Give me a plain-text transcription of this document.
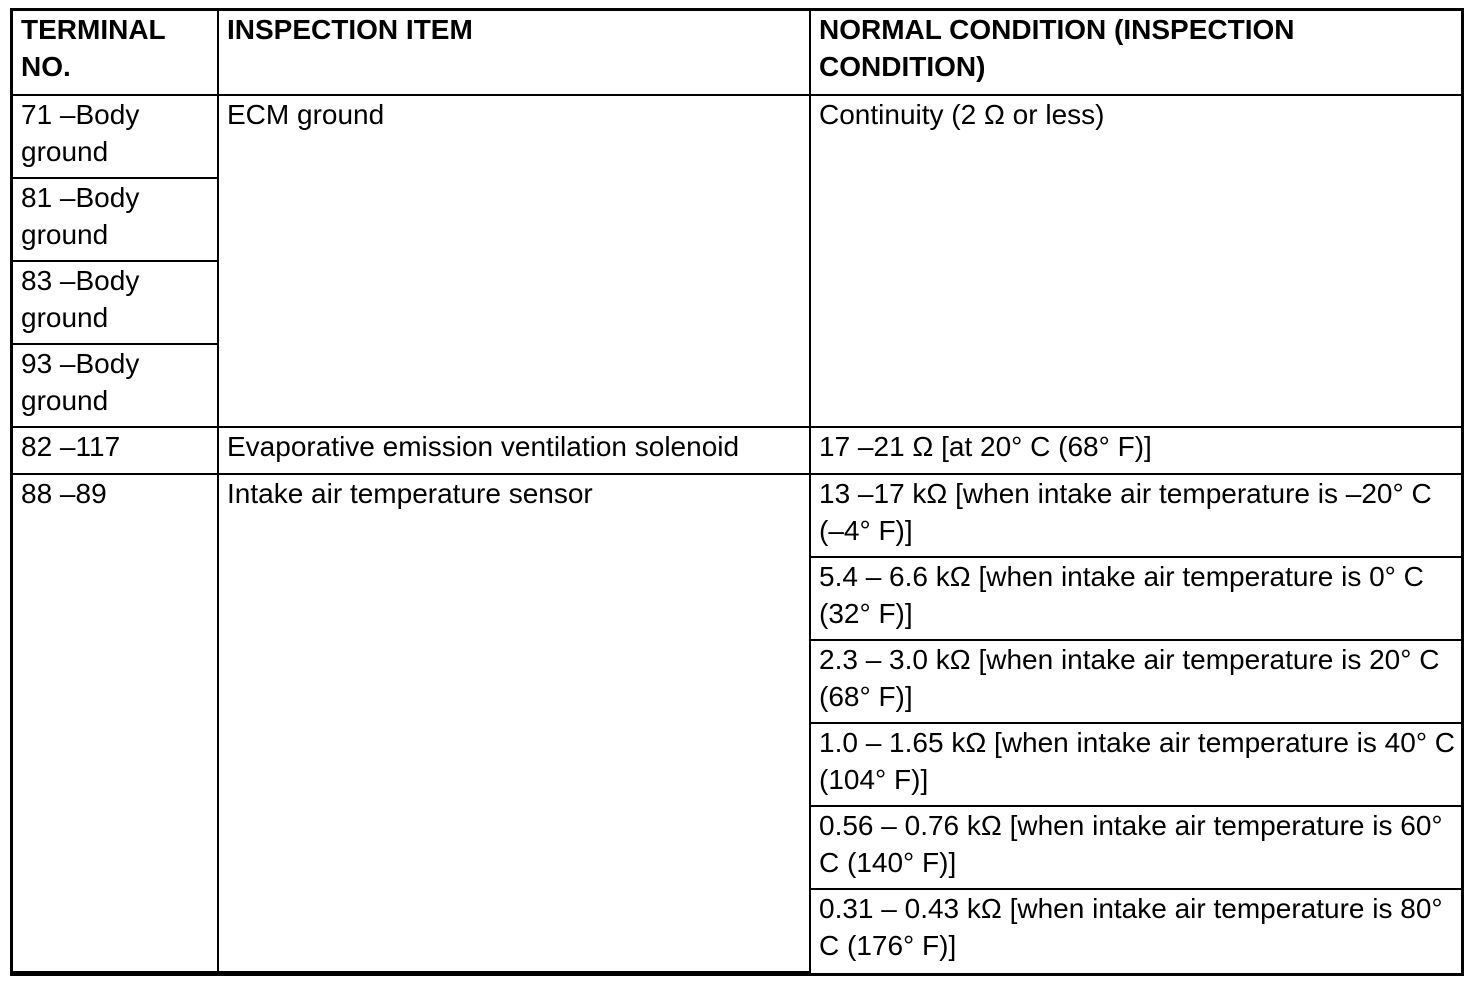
TERMINAL NO.	INSPECTION ITEM	NORMAL CONDITION (INSPECTION CONDITION)
71 –Body ground	ECM ground	Continuity (2 Ω or less)
81 –Body ground		
83 –Body ground		
93 –Body ground		
82 –117	Evaporative emission ventilation solenoid	17 –21 Ω [at 20° C (68° F)]
88 –89	Intake air temperature sensor	13 –17 kΩ [when intake air temperature is –20° C (–4° F)]
		5.4 – 6.6 kΩ [when intake air temperature is 0° C (32° F)]
		2.3 – 3.0 kΩ [when intake air temperature is 20° C (68° F)]
		1.0 – 1.65 kΩ [when intake air temperature is 40° C (104° F)]
		0.56 – 0.76 kΩ [when intake air temperature is 60° C (140° F)]
		0.31 – 0.43 kΩ [when intake air temperature is 80° C (176° F)]
